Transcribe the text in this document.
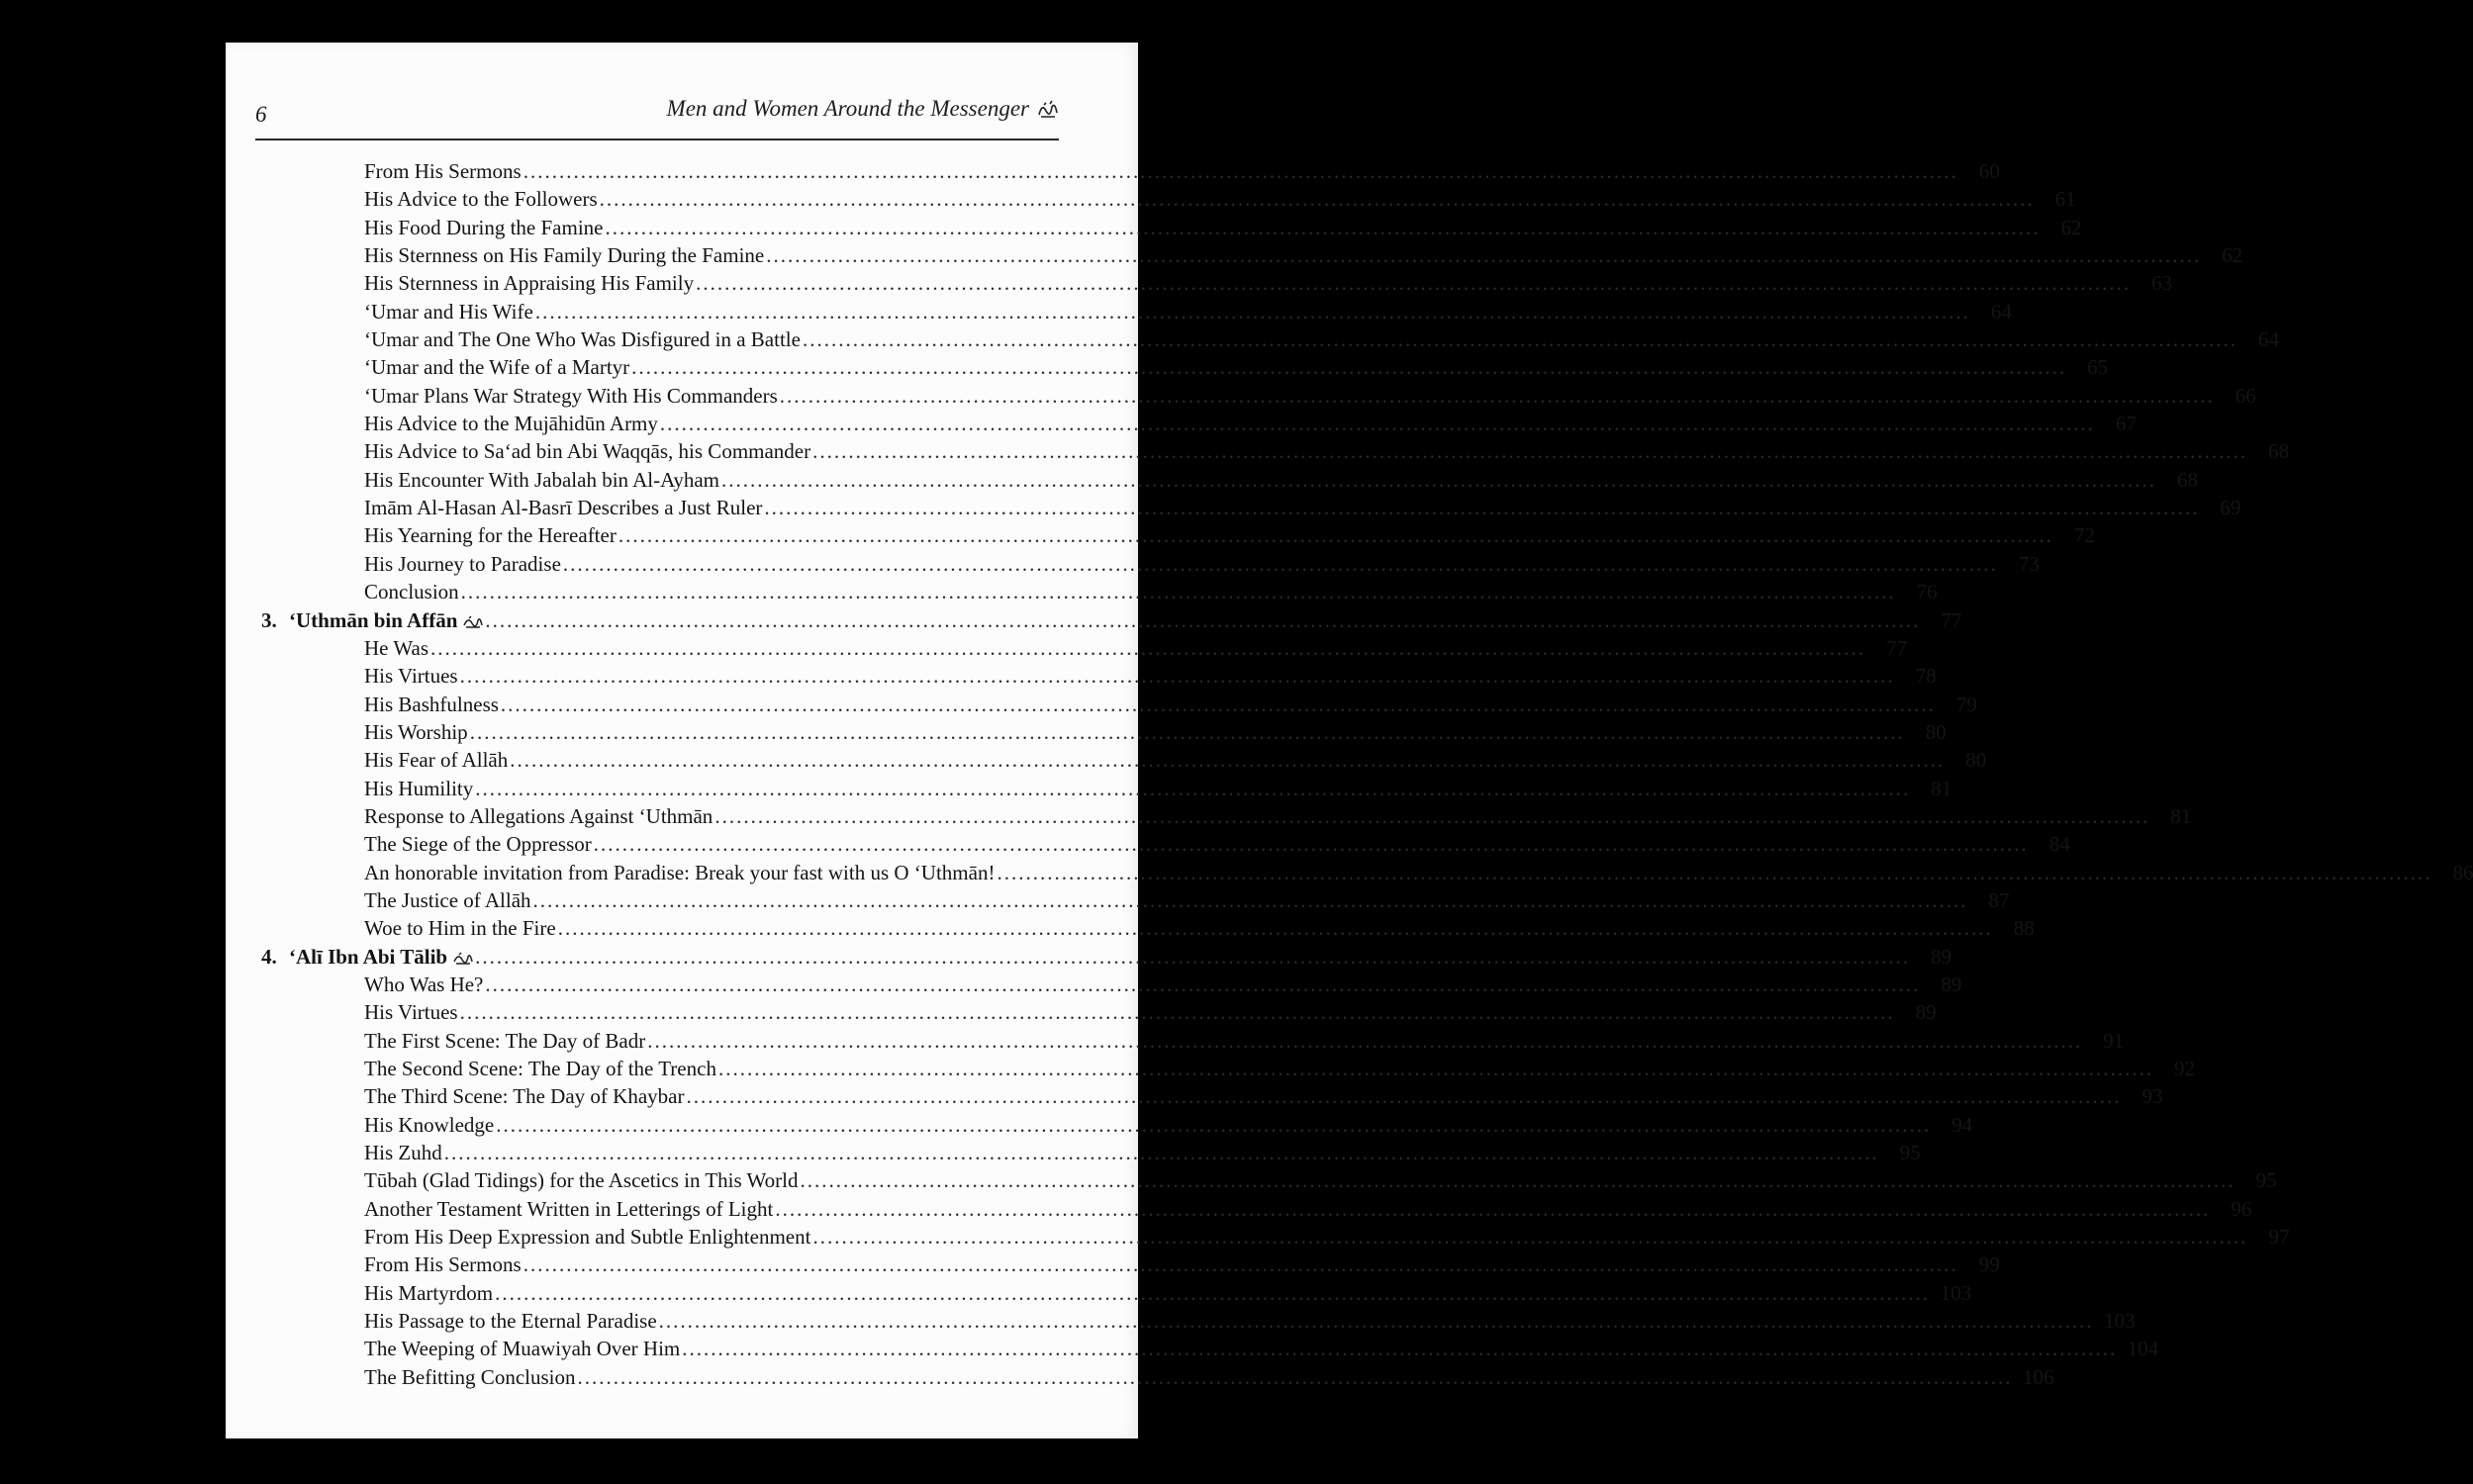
6	Men and Women Around the Messenger
From His Sermons ........................................................................................................................................................................................................	60
His Advice to the Followers ........................................................................................................................................................................................................	61
His Food During the Famine ........................................................................................................................................................................................................	62
His Sternness on His Family During the Famine ........................................................................................................................................................................................................	62
His Sternness in Appraising His Family ........................................................................................................................................................................................................	63
‘Umar and His Wife ........................................................................................................................................................................................................	64
‘Umar and The One Who Was Disfigured in a Battle ........................................................................................................................................................................................................	64
‘Umar and the Wife of a Martyr ........................................................................................................................................................................................................	65
‘Umar Plans War Strategy With His Commanders ........................................................................................................................................................................................................	66
His Advice to the Mujāhidūn Army ........................................................................................................................................................................................................	67
His Advice to Sa‘ad bin Abi Waqqās, his Commander ........................................................................................................................................................................................................	68
His Encounter With Jabalah bin Al-Ayham ........................................................................................................................................................................................................	68
Imām Al-Hasan Al-Basrī Describes a Just Ruler ........................................................................................................................................................................................................	69
His Yearning for the Hereafter ........................................................................................................................................................................................................	72
His Journey to Paradise ........................................................................................................................................................................................................	73
Conclusion ........................................................................................................................................................................................................	76
3. ‘Uthmān bin Affān	........................................................................................................................................................................................................	77
He Was ........................................................................................................................................................................................................	77
His Virtues ........................................................................................................................................................................................................	78
His Bashfulness ........................................................................................................................................................................................................	79
His Worship ........................................................................................................................................................................................................	80
His Fear of Allāh ........................................................................................................................................................................................................	80
His Humility ........................................................................................................................................................................................................	81
Response to Allegations Against ‘Uthmān ........................................................................................................................................................................................................	81
The Siege of the Oppressor ........................................................................................................................................................................................................	84
An honorable invitation from Paradise: Break your fast with us O ‘Uthmān! ........................................................................................................................................................................................................	86
The Justice of Allāh ........................................................................................................................................................................................................	87
Woe to Him in the Fire ........................................................................................................................................................................................................	88
4. ‘Alī Ibn Abi Tālib	........................................................................................................................................................................................................	89
Who Was He? ........................................................................................................................................................................................................	89
His Virtues ........................................................................................................................................................................................................	89
The First Scene: The Day of Badr ........................................................................................................................................................................................................	91
The Second Scene: The Day of the Trench ........................................................................................................................................................................................................	92
The Third Scene: The Day of Khaybar ........................................................................................................................................................................................................	93
His Knowledge ........................................................................................................................................................................................................	94
His Zuhd ........................................................................................................................................................................................................	95
Tūbah (Glad Tidings) for the Ascetics in This World ........................................................................................................................................................................................................	95
Another Testament Written in Letterings of Light ........................................................................................................................................................................................................	96
From His Deep Expression and Subtle Enlightenment ........................................................................................................................................................................................................	97
From His Sermons ........................................................................................................................................................................................................	99
His Martyrdom ........................................................................................................................................................................................................ 103
His Passage to the Eternal Paradise ........................................................................................................................................................................................................ 103
The Weeping of Muawiyah Over Him ........................................................................................................................................................................................................ 104
The Befitting Conclusion ........................................................................................................................................................................................................ 106
